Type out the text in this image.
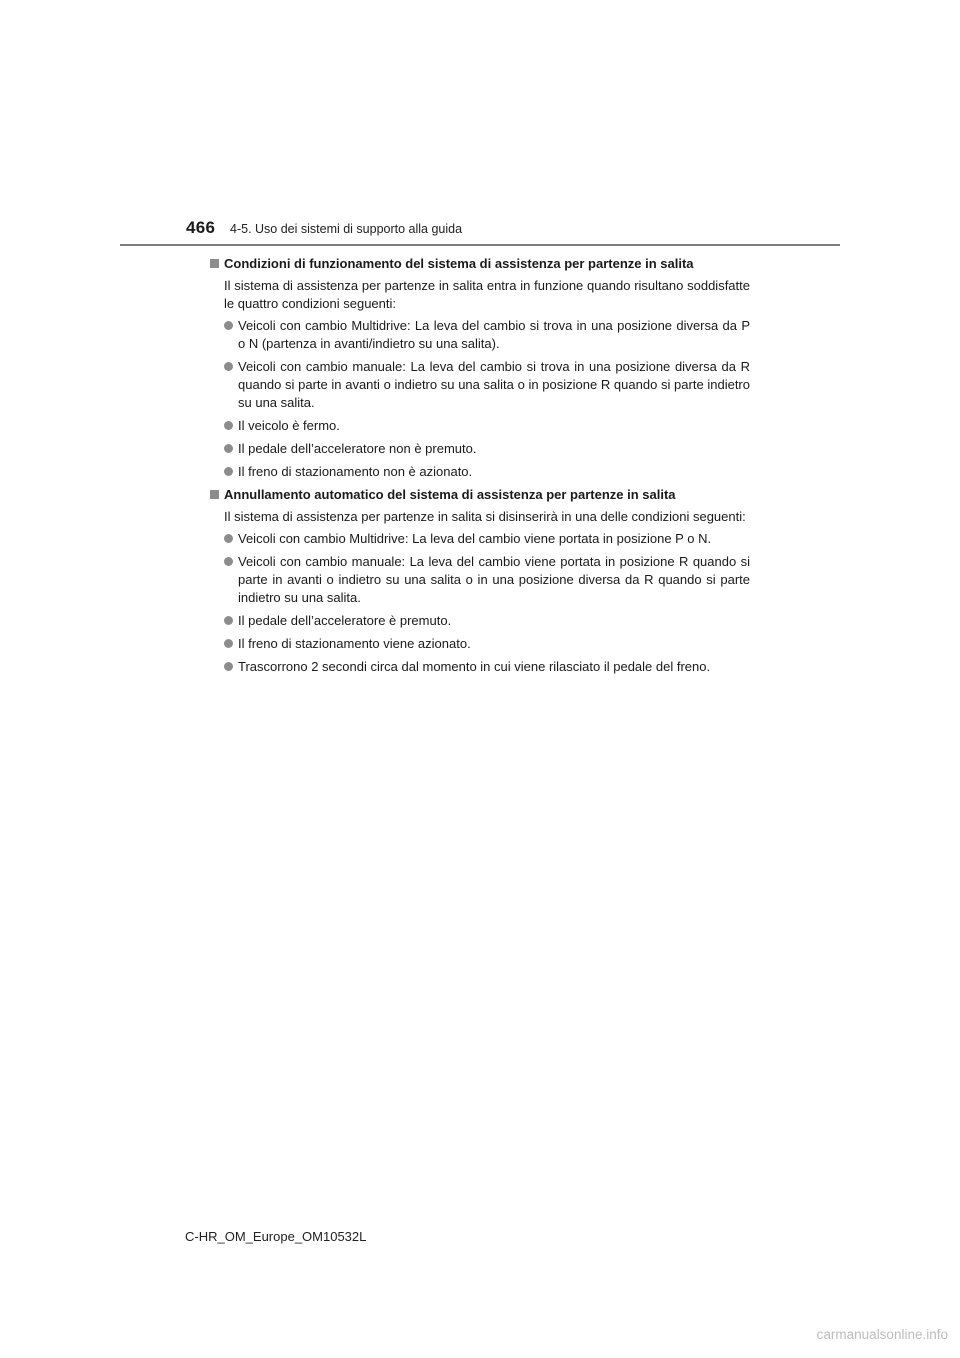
466 4-5. Uso dei sistemi di supporto alla guida
Condizioni di funzionamento del sistema di assistenza per partenze in salita
Il sistema di assistenza per partenze in salita entra in funzione quando risultano soddisfatte le quattro condizioni seguenti:
Veicoli con cambio Multidrive: La leva del cambio si trova in una posizione diversa da P o N (partenza in avanti/indietro su una salita).
Veicoli con cambio manuale: La leva del cambio si trova in una posizione diversa da R quando si parte in avanti o indietro su una salita o in posizione R quando si parte indietro su una salita.
Il veicolo è fermo.
Il pedale dell’acceleratore non è premuto.
Il freno di stazionamento non è azionato.
Annullamento automatico del sistema di assistenza per partenze in salita
Il sistema di assistenza per partenze in salita si disinserirà in una delle condizioni seguenti:
Veicoli con cambio Multidrive: La leva del cambio viene portata in posizione P o N.
Veicoli con cambio manuale: La leva del cambio viene portata in posizione R quando si parte in avanti o indietro su una salita o in una posizione diversa da R quando si parte indietro su una salita.
Il pedale dell’acceleratore è premuto.
Il freno di stazionamento viene azionato.
Trascorrono 2 secondi circa dal momento in cui viene rilasciato il pedale del freno.
C-HR_OM_Europe_OM10532L
carmanualsonline.info
